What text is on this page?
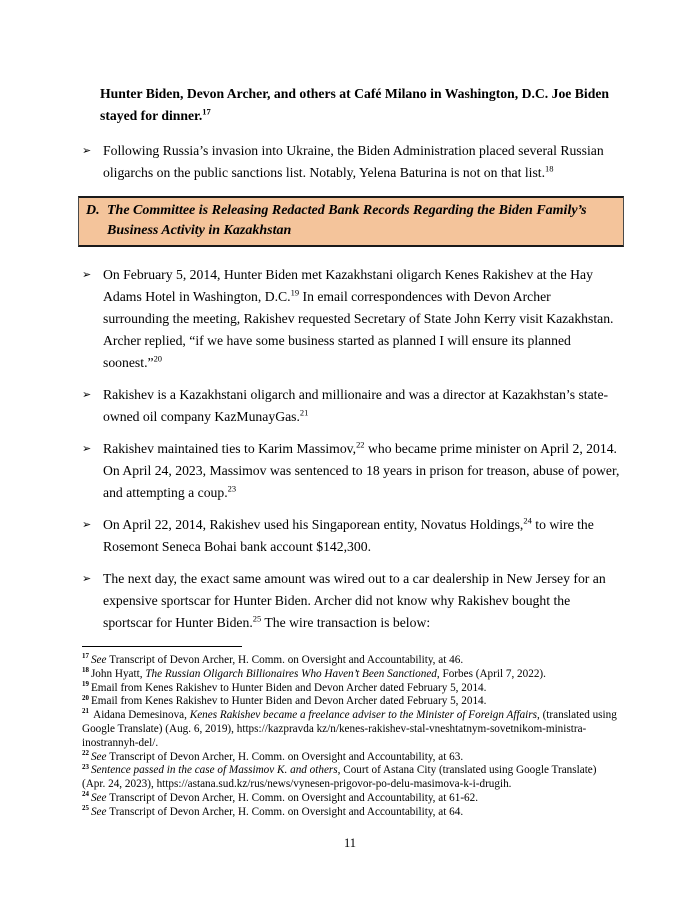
Hunter Biden, Devon Archer, and others at Café Milano in Washington, D.C. Joe Biden stayed for dinner.$^{17}$

➢ Following Russia’s invasion into Ukraine, the Biden Administration placed several Russian oligarchs on the public sanctions list. Notably, Yelena Baturina is not on that list.$^{18}$
D. The Committee is Releasing Redacted Bank Records Regarding the Biden Family’s Business Activity in Kazakhstan
➢ On February 5, 2014, Hunter Biden met Kazakhstani oligarch Kenes Rakishev at the Hay Adams Hotel in Washington, D.C.$^{19}$ In email correspondences with Devon Archer surrounding the meeting, Rakishev requested Secretary of State John Kerry visit Kazakhstan. Archer replied, “if we have some business started as planned I will ensure its planned soonest.”$^{20}$
➢ Rakishev is a Kazakhstani oligarch and millionaire and was a director at Kazakhstan’s state-owned oil company KazMunayGas.$^{21}$
➢ Rakishev maintained ties to Karim Massimov,$^{22}$ who became prime minister on April 2, 2014. On April 24, 2023, Massimov was sentenced to 18 years in prison for treason, abuse of power, and attempting a coup.$^{23}$
➢ On April 22, 2014, Rakishev used his Singaporean entity, Novatus Holdings,$^{24}$ to wire the Rosemont Seneca Bohai bank account $142,300.
➢ The next day, the exact same amount was wired out to a car dealership in New Jersey for an expensive sportscar for Hunter Biden. Archer did not know why Rakishev bought the sportscar for Hunter Biden.$^{25}$ The wire transaction is below:
$^{17}$ See Transcript of Devon Archer, H. Comm. on Oversight and Accountability, at 46.
$^{18}$ John Hyatt, The Russian Oligarch Billionaires Who Haven’t Been Sanctioned, Forbes (April 7, 2022).
$^{19}$ Email from Kenes Rakishev to Hunter Biden and Devon Archer dated February 5, 2014.
$^{20}$ Email from Kenes Rakishev to Hunter Biden and Devon Archer dated February 5, 2014.
$^{21}$ Aidana Demesinova, Kenes Rakishev became a freelance adviser to the Minister of Foreign Affairs, (translated using Google Translate) (Aug. 6, 2019), https://kazpravda kz/n/kenes-rakishev-stal-vneshtatnym-sovetnikom-ministra-inostrannyh-del/.
$^{22}$ See Transcript of Devon Archer, H. Comm. on Oversight and Accountability, at 63.
$^{23}$ Sentence passed in the case of Massimov K. and others, Court of Astana City (translated using Google Translate) (Apr. 24, 2023), https://astana.sud.kz/rus/news/vynesen-prigovor-po-delu-masimova-k-i-drugih.
$^{24}$ See Transcript of Devon Archer, H. Comm. on Oversight and Accountability, at 61-62.
$^{25}$ See Transcript of Devon Archer, H. Comm. on Oversight and Accountability, at 64.
11
